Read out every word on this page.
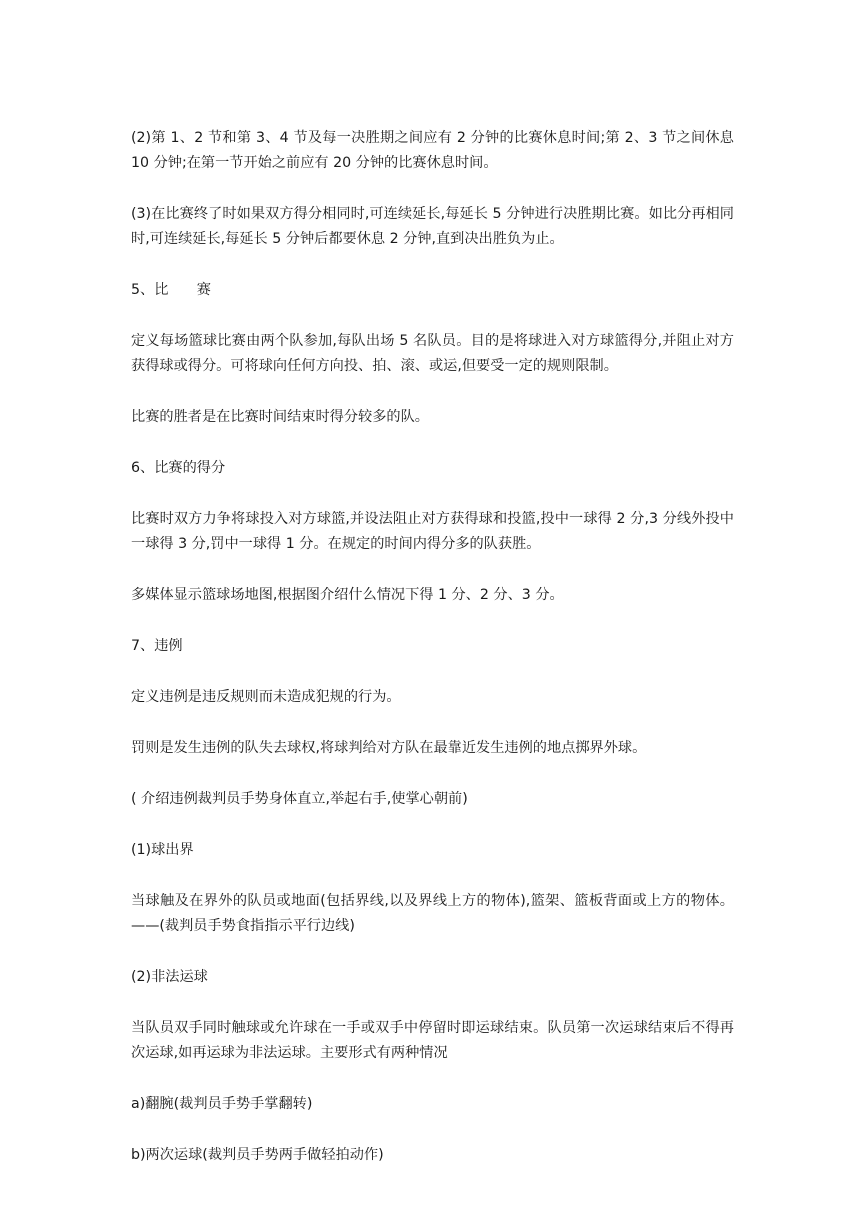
(2)第 1、2 节和第 3、4 节及每一决胜期之间应有 2 分钟的比赛休息时间;第 2、3 节之间休息 10 分钟;在第一节开始之前应有 20 分钟的比赛休息时间。

(3)在比赛终了时如果双方得分相同时,可连续延长,每延长 5 分钟进行决胜期比赛。如比分再相同时,可连续延长,每延长 5 分钟后都要休息 2 分钟,直到决出胜负为止。

5、比　　赛

定义每场篮球比赛由两个队参加,每队出场 5 名队员。目的是将球进入对方球篮得分,并阻止对方获得球或得分。可将球向任何方向投、拍、滚、或运,但要受一定的规则限制。

比赛的胜者是在比赛时间结束时得分较多的队。

6、比赛的得分

比赛时双方力争将球投入对方球篮,并设法阻止对方获得球和投篮,投中一球得 2 分,3 分线外投中一球得 3 分,罚中一球得 1 分。在规定的时间内得分多的队获胜。

多媒体显示篮球场地图,根据图介绍什么情况下得 1 分、2 分、3 分。

7、违例

定义违例是违反规则而未造成犯规的行为。

罚则是发生违例的队失去球权,将球判给对方队在最靠近发生违例的地点掷界外球。

( 介绍违例裁判员手势身体直立,举起右手,使掌心朝前)

(1)球出界

当球触及在界外的队员或地面(包括界线,以及界线上方的物体),篮架、篮板背面或上方的物体。——(裁判员手势食指指示平行边线)

(2)非法运球

当队员双手同时触球或允许球在一手或双手中停留时即运球结束。队员第一次运球结束后不得再次运球,如再运球为非法运球。主要形式有两种情况

a)翻腕(裁判员手势手掌翻转)

b)两次运球(裁判员手势两手做轻拍动作)
